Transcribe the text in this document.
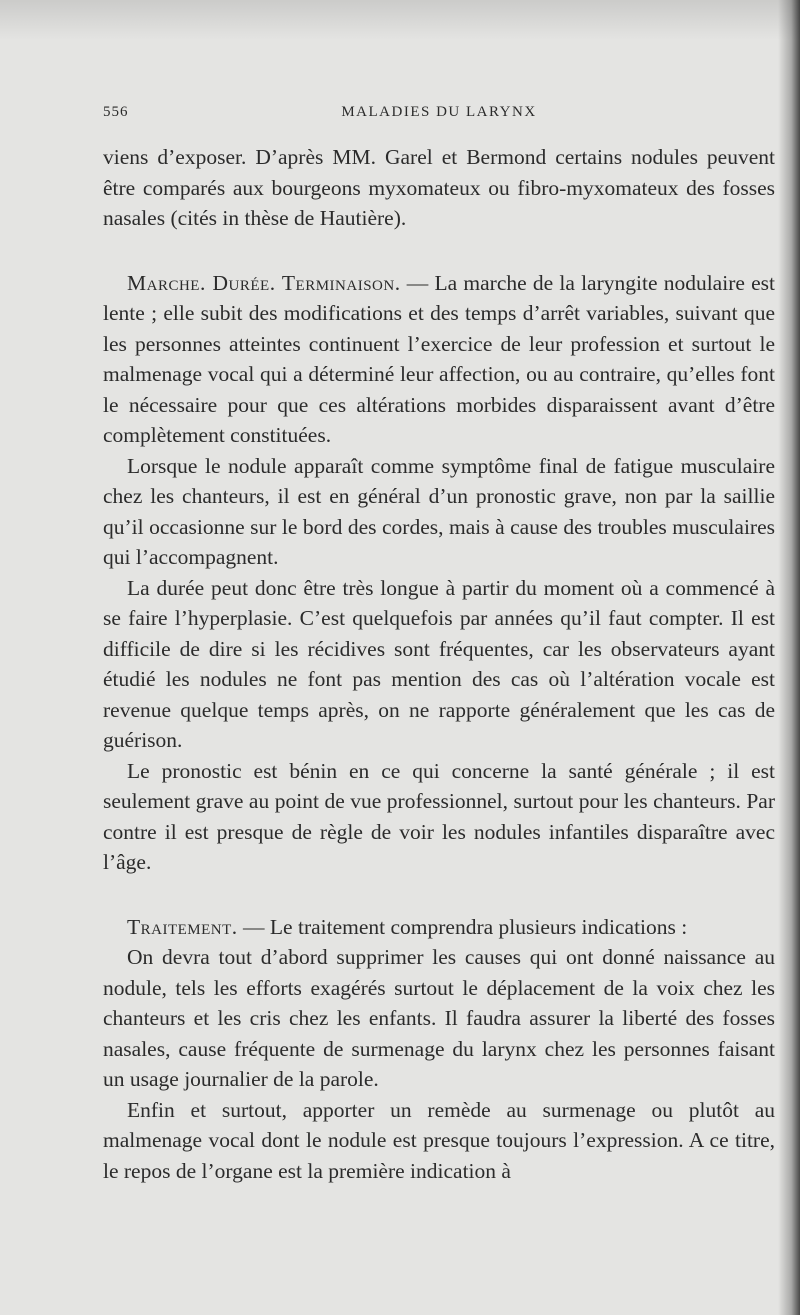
556	MALADIES DU LARYNX

viens d’exposer. D’après MM. Garel et Bermond certains nodules peuvent être comparés aux bourgeons myxomateux ou fibro-myxomateux des fosses nasales (cités in thèse de Hautière).

Marche. Durée. Terminaison. — La marche de la laryngite nodulaire est lente ; elle subit des modifications et des temps d’arrêt variables, suivant que les personnes atteintes continuent l’exercice de leur profession et surtout le malmenage vocal qui a déterminé leur affection, ou au contraire, qu’elles font le nécessaire pour que ces altérations morbides disparaissent avant d’être complètement constituées.

Lorsque le nodule apparaît comme symptôme final de fatigue musculaire chez les chanteurs, il est en général d’un pronostic grave, non par la saillie qu’il occasionne sur le bord des cordes, mais à cause des troubles musculaires qui l’accompagnent.

La durée peut donc être très longue à partir du moment où a commencé à se faire l’hyperplasie. C’est quelquefois par années qu’il faut compter. Il est difficile de dire si les récidives sont fréquentes, car les observateurs ayant étudié les nodules ne font pas mention des cas où l’altération vocale est revenue quelque temps après, on ne rapporte généralement que les cas de guérison.

Le pronostic est bénin en ce qui concerne la santé générale ; il est seulement grave au point de vue professionnel, surtout pour les chanteurs. Par contre il est presque de règle de voir les nodules infantiles disparaître avec l’âge.

Traitement. — Le traitement comprendra plusieurs indications :

On devra tout d’abord supprimer les causes qui ont donné naissance au nodule, tels les efforts exagérés surtout le déplacement de la voix chez les chanteurs et les cris chez les enfants. Il faudra assurer la liberté des fosses nasales, cause fréquente de surmenage du larynx chez les personnes faisant un usage journalier de la parole.

Enfin et surtout, apporter un remède au surmenage ou plutôt au malmenage vocal dont le nodule est presque toujours l’expression. A ce titre, le repos de l’organe est la première indication à
